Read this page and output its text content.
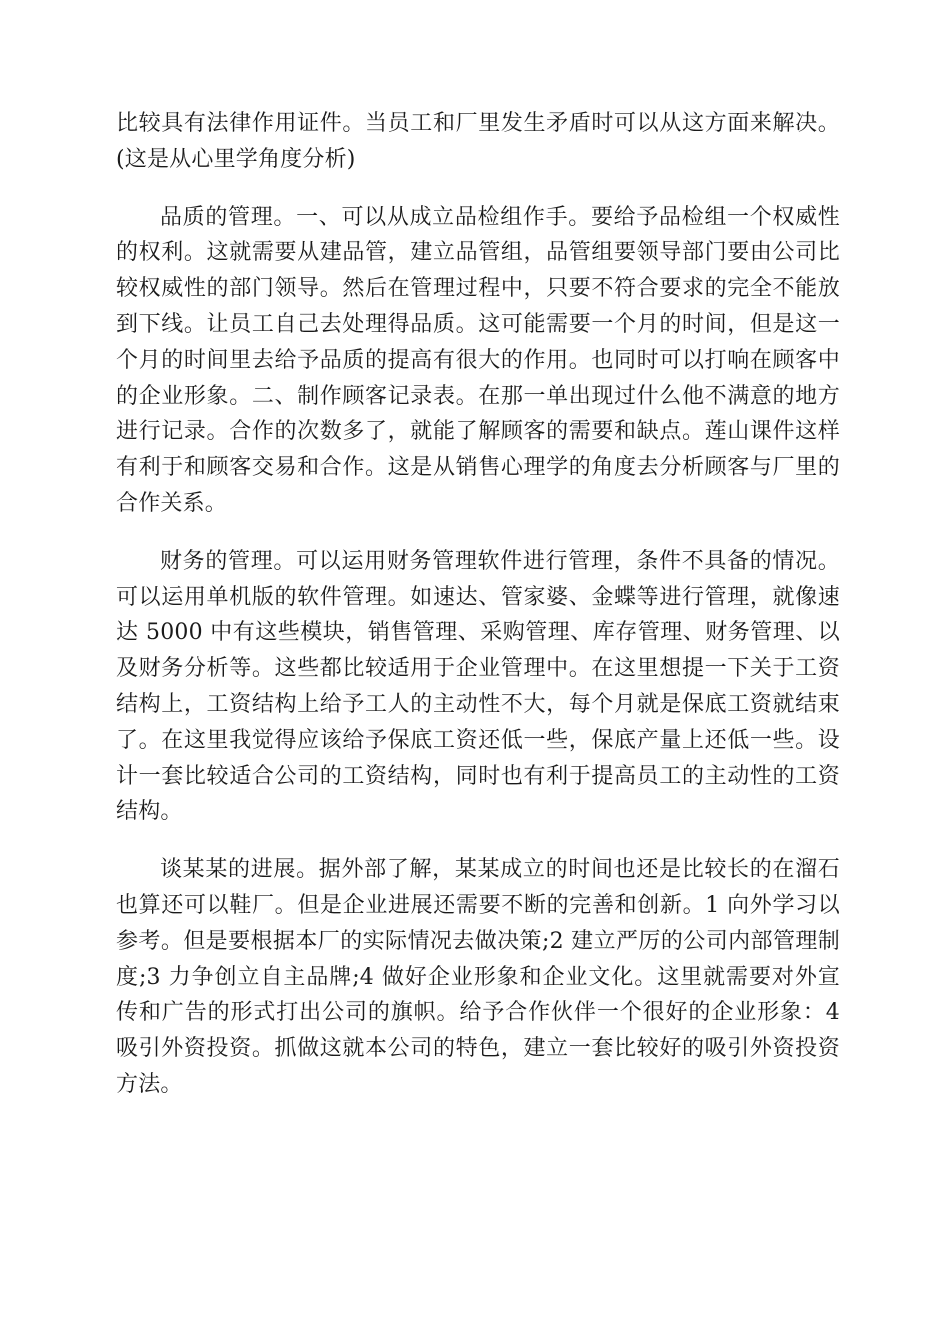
比较具有法律作用证件。当员工和厂里发生矛盾时可以从这方面来解决。
(这是从心里学角度分析)

品质的管理。一、可以从成立品检组作手。要给予品检组一个权威性
的权利。这就需要从建品管，建立品管组，品管组要领导部门要由公司比
较权威性的部门领导。然后在管理过程中，只要不符合要求的完全不能放
到下线。让员工自己去处理得品质。这可能需要一个月的时间，但是这一
个月的时间里去给予品质的提高有很大的作用。也同时可以打响在顾客中
的企业形象。二、制作顾客记录表。在那一单出现过什么他不满意的地方
进行记录。合作的次数多了，就能了解顾客的需要和缺点。莲山课件这样
有利于和顾客交易和合作。这是从销售心理学的角度去分析顾客与厂里的
合作关系。

财务的管理。可以运用财务管理软件进行管理，条件不具备的情况。
可以运用单机版的软件管理。如速达、管家婆、金蝶等进行管理，就像速
达 5000 中有这些模块，销售管理、采购管理、库存管理、财务管理、以
及财务分析等。这些都比较适用于企业管理中。在这里想提一下关于工资
结构上，工资结构上给予工人的主动性不大，每个月就是保底工资就结束
了。在这里我觉得应该给予保底工资还低一些，保底产量上还低一些。设
计一套比较适合公司的工资结构，同时也有利于提高员工的主动性的工资
结构。

谈某某的进展。据外部了解，某某成立的时间也还是比较长的在溜石
也算还可以鞋厂。但是企业进展还需要不断的完善和创新。1 向外学习以
参考。但是要根据本厂的实际情况去做决策;2 建立严厉的公司内部管理制
度;3 力争创立自主品牌;4 做好企业形象和企业文化。这里就需要对外宣
传和广告的形式打出公司的旗帜。给予合作伙伴一个很好的企业形象：4
吸引外资投资。抓做这就本公司的特色，建立一套比较好的吸引外资投资
方法。
